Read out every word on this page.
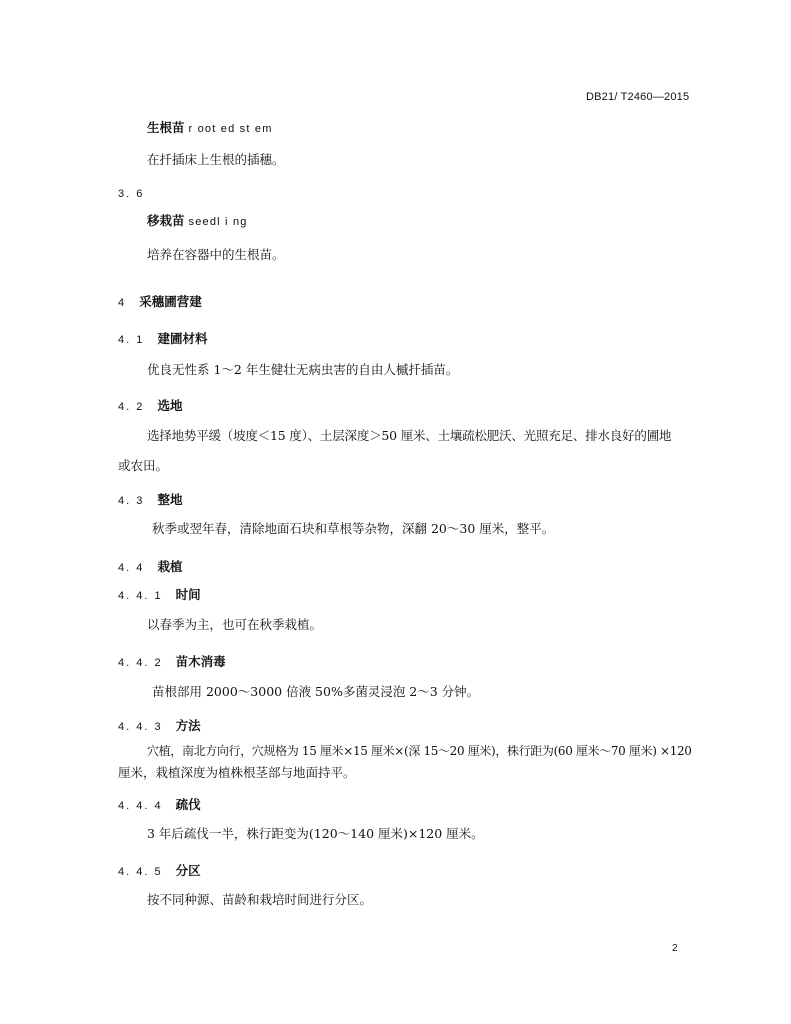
DB21/ T2460—2015
生根苗 r oot ed st em
在扦插床上生根的插穗。
3. 6
移栽苗 seedl i ng
培养在容器中的生根苗。
4 采穗圃营建
4. 1 建圃材料
优良无性系 1～2 年生健壮无病虫害的自由人槭扦插苗。
4. 2 选地
选择地势平缓（坡度＜15 度）、土层深度＞50 厘米、土壤疏松肥沃、光照充足、排水良好的圃地
或农田。
4. 3 整地
秋季或翌年春，清除地面石块和草根等杂物，深翻 20～30 厘米，整平。
4. 4 栽植
4. 4. 1 时间
以春季为主，也可在秋季栽植。
4. 4. 2 苗木消毒
苗根部用 2000～3000 倍液 50%多菌灵浸泡 2～3 分钟。
4. 4. 3 方法
穴植，南北方向行，穴规格为 15 厘米×15 厘米×(深 15～20 厘米)，株行距为(60 厘米～70 厘米) ×120
厘米，栽植深度为植株根茎部与地面持平。
4. 4. 4 疏伐
3 年后疏伐一半，株行距变为(120～140 厘米)×120 厘米。
4. 4. 5 分区
按不同种源、苗龄和栽培时间进行分区。
2
